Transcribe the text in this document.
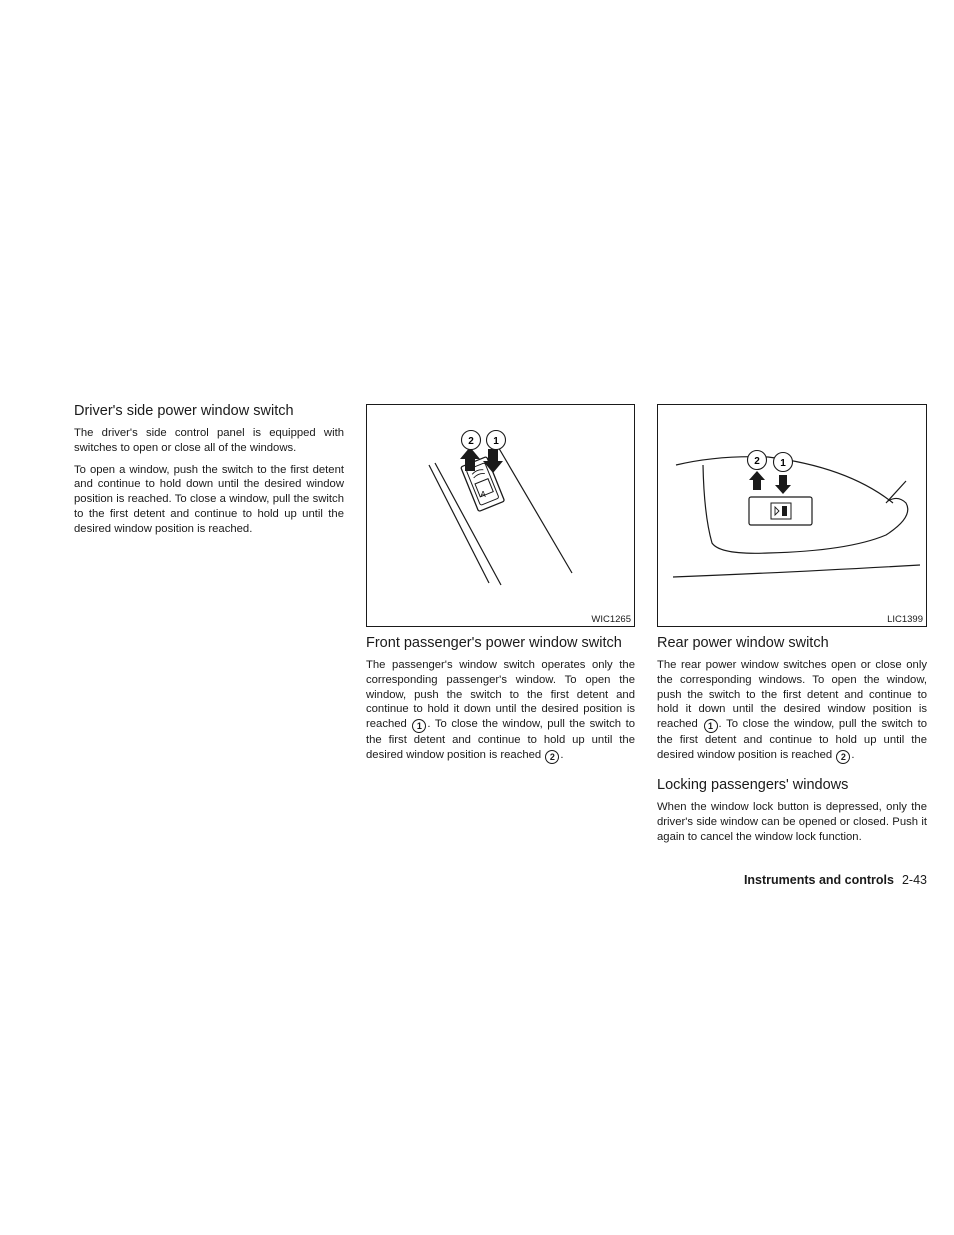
Driver's side power window switch

The driver's side control panel is equipped with switches to open or close all of the windows.

To open a window, push the switch to the first detent and continue to hold down until the desired window position is reached. To close a window, pull the switch to the first detent and continue to hold up until the desired window position is reached.

A
2 1
WIC1265
Front passenger's power window switch

The passenger's window switch operates only the corresponding passenger's window. To open the window, push the switch to the first detent and continue to hold it down until the desired position is reached 1 . To close the window, pull the switch to the first detent and continue to hold up until the desired window position is reached 2 .

2 1
LIC1399
Rear power window switch

The rear power window switches open or close only the corresponding windows. To open the window, push the switch to the first detent and continue to hold it down until the desired window position is reached 1 . To close the window, pull the switch to the first detent and continue to hold up until the desired window position is reached 2 .

Locking passengers' windows

When the window lock button is depressed, only the driver's side window can be opened or closed. Push it again to cancel the window lock function.

Instruments and controls 2-43
